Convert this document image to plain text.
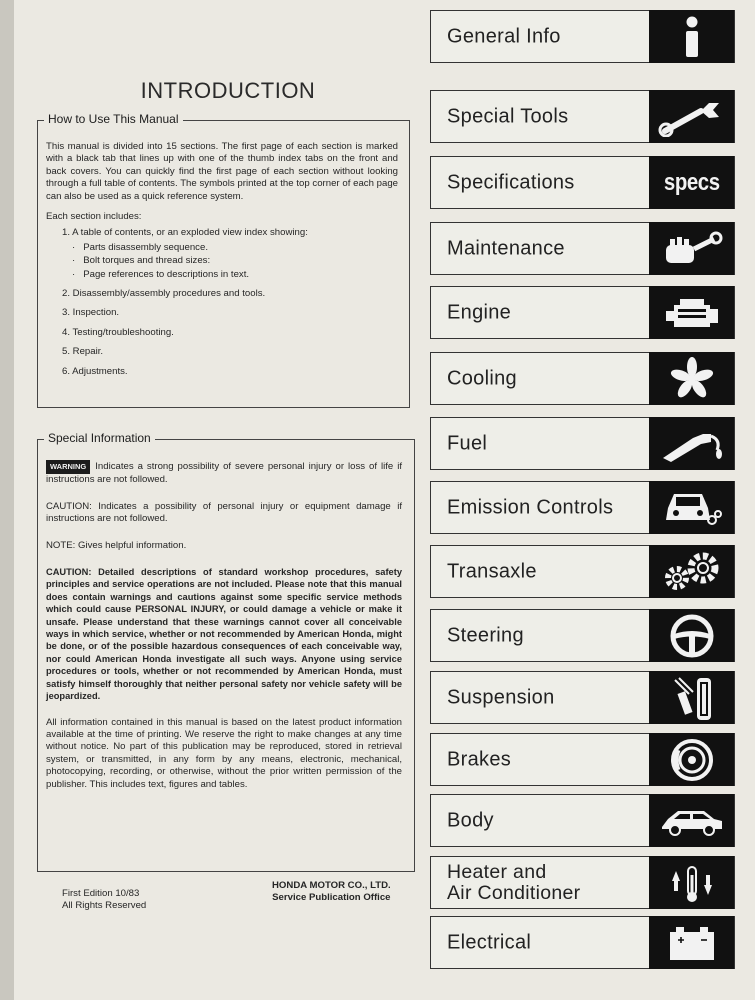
INTRODUCTION
How to Use This Manual

This manual is divided into 15 sections. The first page of each section is marked with a black tab that lines up with one of the thumb index tabs on the front and back covers. You can quickly find the first page of each section without looking through a full table of contents. The symbols printed at the top corner of each page can also be used as a quick reference system.

Each section includes:
1. A table of contents, or an exploded view index showing:
· Parts disassembly sequence.
· Bolt torques and thread sizes:
· Page references to descriptions in text.
2. Disassembly/assembly procedures and tools.
3. Inspection.
4. Testing/troubleshooting.
5. Repair.
6. Adjustments.
Special Information

WARNING Indicates a strong possibility of severe personal injury or loss of life if instructions are not followed.

CAUTION: Indicates a possibility of personal injury or equipment damage if instructions are not followed.

NOTE: Gives helpful information.

CAUTION: Detailed descriptions of standard workshop procedures, safety principles and service operations are not included. Please note that this manual does contain warnings and cautions against some specific service methods which could cause PERSONAL INJURY, or could damage a vehicle or make it unsafe. Please understand that these warnings cannot cover all conceivable ways in which service, whether or not recommended by American Honda, might be done, or of the possible hazardous consequences of each conceivable way, nor could American Honda investigate all such ways. Anyone using service procedures or tools, whether or not recommended by American Honda, must satisfy himself thoroughly that neither personal safety nor vehicle safety will be jeopardized.

All information contained in this manual is based on the latest product information available at the time of printing. We reserve the right to make changes at any time without notice. No part of this publication may be reproduced, stored in retrieval system, or transmitted, in any form by any means, electronic, mechanical, photocopying, recording, or otherwise, without the prior written permission of the publisher. This includes text, figures and tables.

First Edition 10/83
All Rights Reserved
HONDA MOTOR CO., LTD.
Service Publication Office
General Info
Special Tools
Specifications	specs
Maintenance
Engine
Cooling
Fuel
Emission Controls
Transaxle
Steering
Suspension
Brakes
Body
Heater and
Air Conditioner
Electrical
